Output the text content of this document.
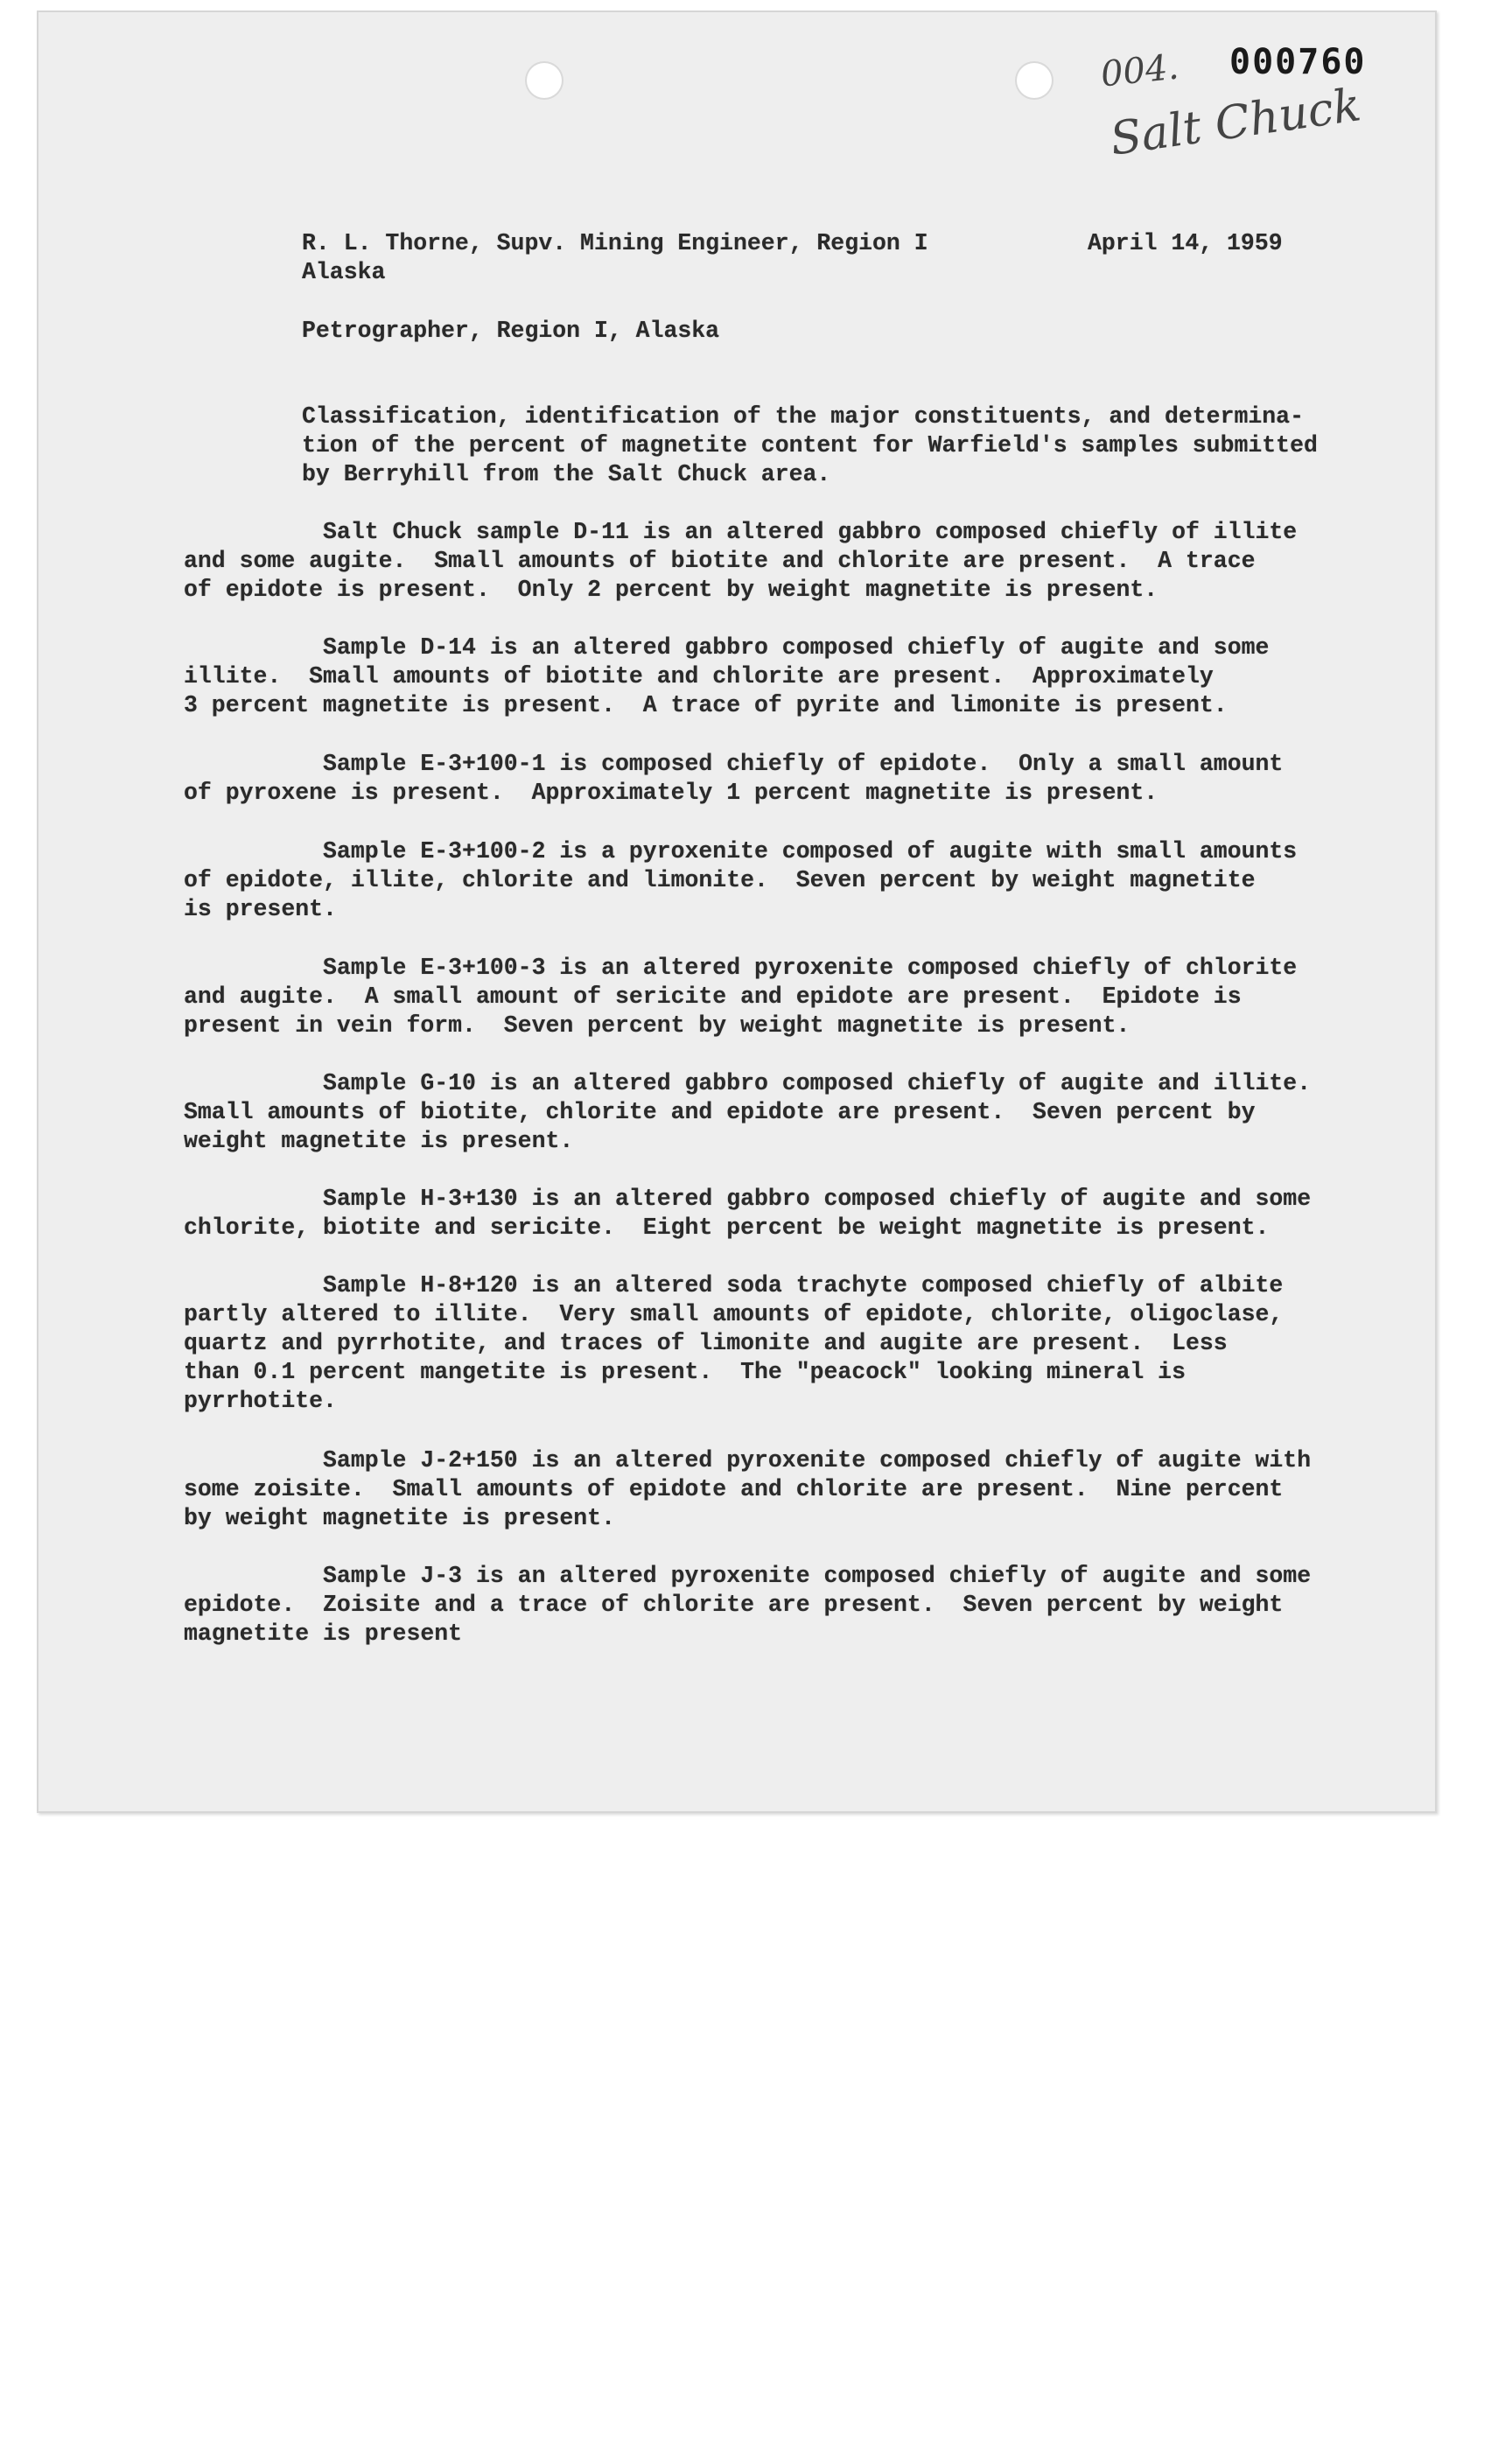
004. 000760
Salt Chuck
R. L. Thorne, Supv. Mining Engineer, Region I	April 14, 1959
Alaska
Petrographer, Region I, Alaska
Classification, identification of the major constituents, and determina-
tion of the percent of magnetite content for Warfield's samples submitted
by Berryhill from the Salt Chuck area.
Salt Chuck sample D-11 is an altered gabbro composed chiefly of illite
and some augite.  Small amounts of biotite and chlorite are present.  A trace
of epidote is present.  Only 2 percent by weight magnetite is present.
Sample D-14 is an altered gabbro composed chiefly of augite and some
illite.  Small amounts of biotite and chlorite are present.  Approximately
3 percent magnetite is present.  A trace of pyrite and limonite is present.
Sample E-3+100-1 is composed chiefly of epidote.  Only a small amount
of pyroxene is present.  Approximately 1 percent magnetite is present.
Sample E-3+100-2 is a pyroxenite composed of augite with small amounts
of epidote, illite, chlorite and limonite.  Seven percent by weight magnetite
is present.
Sample E-3+100-3 is an altered pyroxenite composed chiefly of chlorite
and augite.  A small amount of sericite and epidote are present.  Epidote is
present in vein form.  Seven percent by weight magnetite is present.
Sample G-10 is an altered gabbro composed chiefly of augite and illite.
Small amounts of biotite, chlorite and epidote are present.  Seven percent by
weight magnetite is present.
Sample H-3+130 is an altered gabbro composed chiefly of augite and some
chlorite, biotite and sericite.  Eight percent be weight magnetite is present.
Sample H-8+120 is an altered soda trachyte composed chiefly of albite
partly altered to illite.  Very small amounts of epidote, chlorite, oligoclase,
quartz and pyrrhotite, and traces of limonite and augite are present.  Less
than 0.1 percent mangetite is present.  The "peacock" looking mineral is
pyrrhotite.
Sample J-2+150 is an altered pyroxenite composed chiefly of augite with
some zoisite.  Small amounts of epidote and chlorite are present.  Nine percent
by weight magnetite is present.
Sample J-3 is an altered pyroxenite composed chiefly of augite and some
epidote.  Zoisite and a trace of chlorite are present.  Seven percent by weight
magnetite is present
